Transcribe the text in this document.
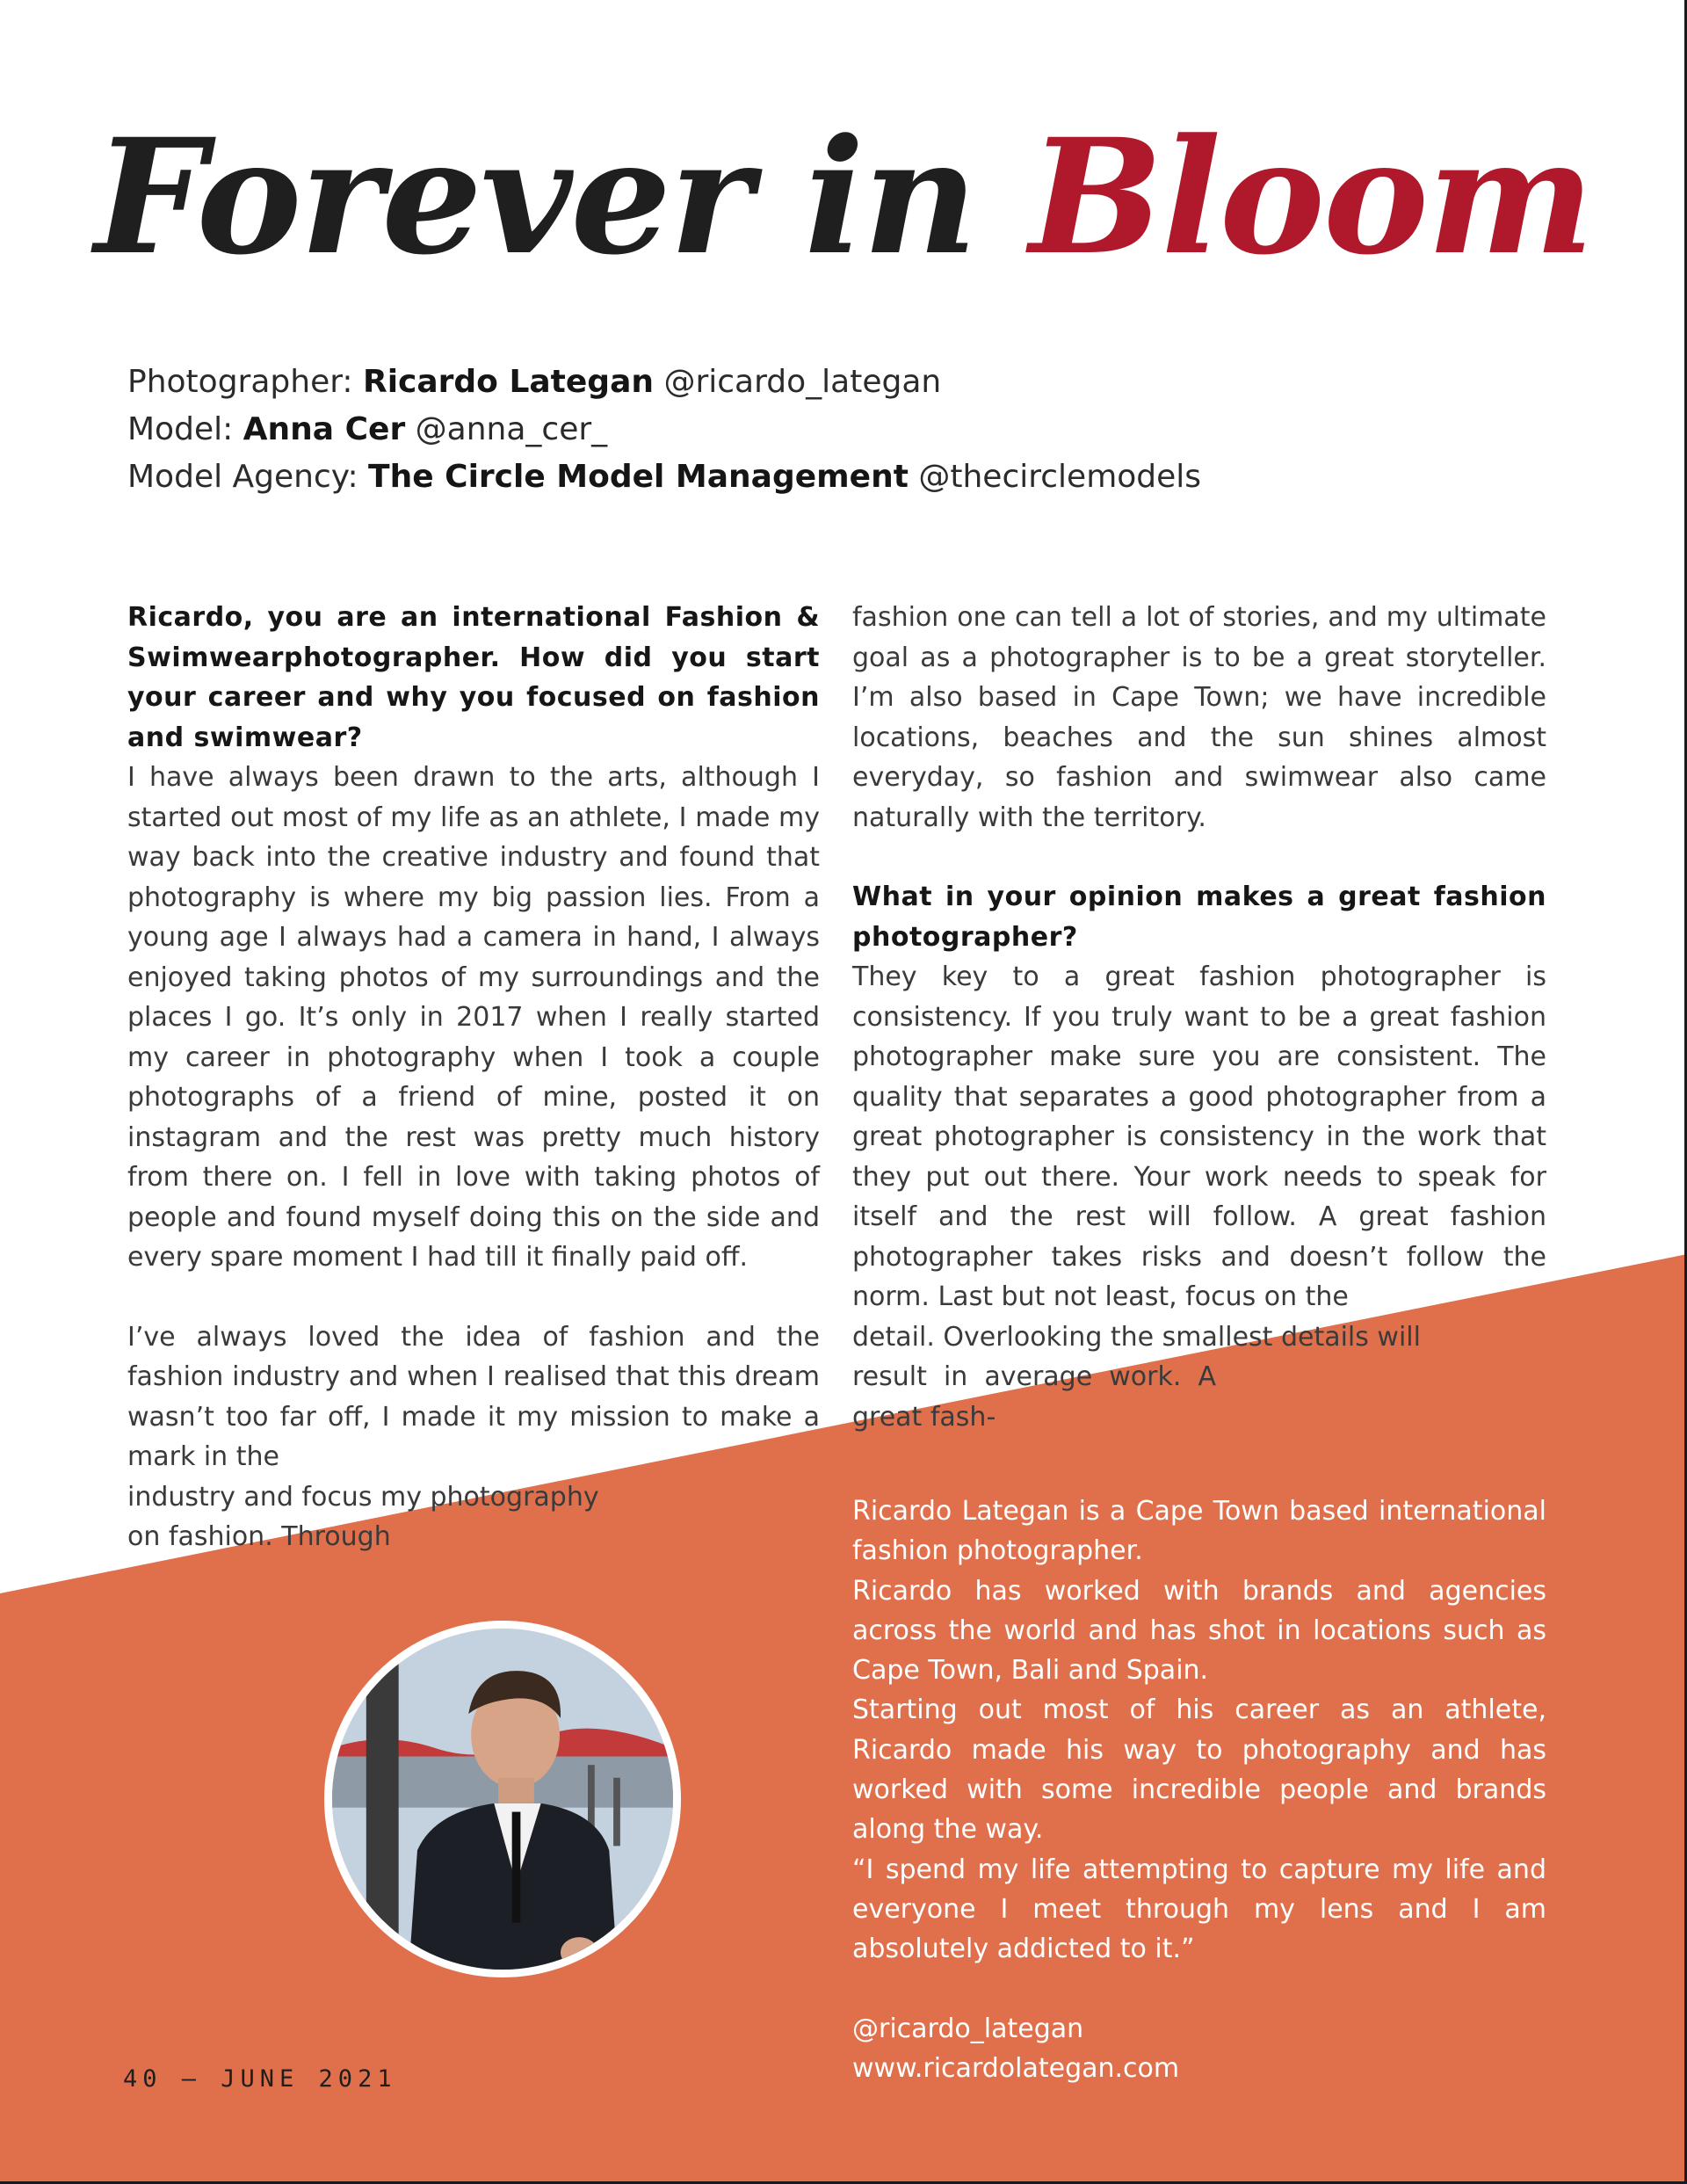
Forever in Bloom
Photographer: Ricardo Lategan @ricardo_lategan
Model: Anna Cer @anna_cer_
Model Agency: The Circle Model Management @thecirclemodels

Ricardo, you are an international Fashion & Swimwearphotographer. How did you start your career and why you focused on fashion and swimwear?

I have always been drawn to the arts, although I started out most of my life as an athlete, I made my way back into the creative industry and found that photography is where my big passion lies. From a young age I always had a camera in hand, I always enjoyed taking photos of my surroundings and the places I go. It’s only in 2017 when I really started my career in photography when I took a couple photographs of a friend of mine, posted it on instagram and the rest was pretty much history from there on. I fell in love with taking photos of people and found myself doing this on the side and every spare moment I had till it finally paid off.

I’ve always loved the idea of fashion and the fashion industry and when I realised that this dream wasn’t too far off, I made it my mission to make a mark in the

industry and focus my photography

on fashion. Through

fashion one can tell a lot of stories, and my ultimate goal as a photographer is to be a great storyteller. I’m also based in Cape Town; we have incredible locations, beaches and the sun shines almost everyday, so fashion and swimwear also came naturally with the territory.

What in your opinion makes a great fashion photographer?

They key to a great fashion photographer is consistency. If you truly want to be a great fashion photographer make sure you are consistent. The quality that separates a good photographer from a great photographer is consistency in the work that they put out there. Your work needs to speak for itself and the rest will follow. A great fashion photographer takes risks and doesn’t follow the norm. Last but not least, focus on the

detail. Overlooking the smallest details will

result  in  average  work.  A

great fash-

Ricardo Lategan is a Cape Town based international fashion photographer.

Ricardo has worked with brands and agencies across the world and has shot in locations such as Cape Town, Bali and Spain.

Starting out most of his career as an athlete, Ricardo made his way to photography and has worked with some incredible people and brands along the way.

“I spend my life attempting to capture my life and everyone I meet through my lens and I am absolutely addicted to it.”

@ricardo_lategan

www.ricardolategan.com

40 – JUNE 2021
